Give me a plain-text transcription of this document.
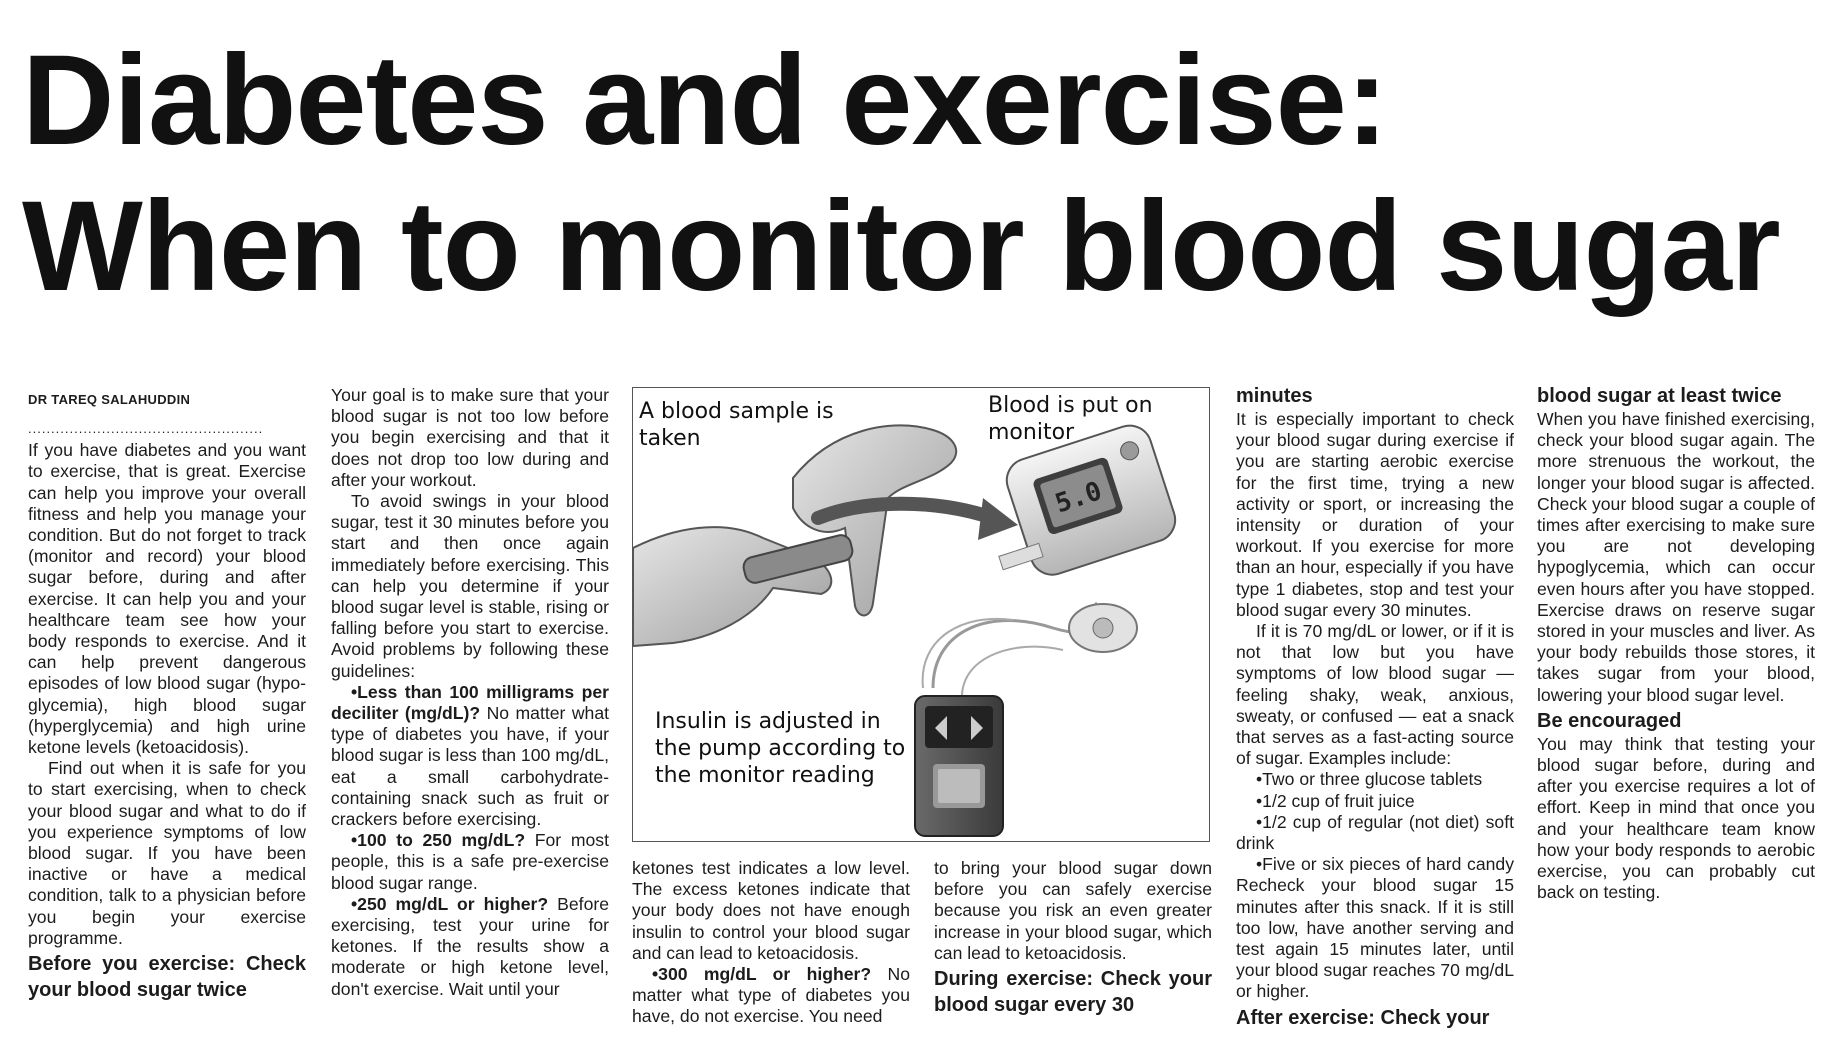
Diabetes and exercise:
When to monitor blood sugar
DR TAREQ SALAHUDDIN
...................................................

If you have diabetes and you want to exercise, that is great. Exercise can help you improve your overall fitness and help you manage your condition. But do not forget to track (monitor and record) your blood sugar before, during and after exercise. It can help you and your healthcare team see how your body responds to exercise. And it can help prevent dangerous episodes of low blood sugar (hypo-glycemia), high blood sugar (hyperglycemia) and high urine ketone levels (ketoacidosis).

Find out when it is safe for you to start exercising, when to check your blood sugar and what to do if you experience symptoms of low blood sugar. If you have been inactive or have a medical condition, talk to a physician before you begin your exercise programme.

Before you exercise: Check your blood sugar twice

Your goal is to make sure that your blood sugar is not too low before you begin exercising and that it does not drop too low during and after your workout.

To avoid swings in your blood sugar, test it 30 minutes before you start and then once again immediately before exercising. This can help you determine if your blood sugar level is stable, rising or falling before you start to exercise. Avoid problems by following these guidelines:

•Less than 100 milligrams per deciliter (mg/dL)? No matter what type of diabetes you have, if your blood sugar is less than 100 mg/dL, eat a small carbohydrate-containing snack such as fruit or crackers before exercising.

•100 to 250 mg/dL? For most people, this is a safe pre-exercise blood sugar range.

•250 mg/dL or higher? Before exercising, test your urine for ketones. If the results show a moderate or high ketone level, don't exercise. Wait until your

5.0
A blood sample is taken
Blood is put on monitor
Insulin is adjusted in the pump according to the monitor reading

ketones test indicates a low level. The excess ketones indicate that your body does not have enough insulin to control your blood sugar and can lead to ketoacidosis.

•300 mg/dL or higher? No matter what type of diabetes you have, do not exercise. You need

to bring your blood sugar down before you can safely exercise because you risk an even greater increase in your blood sugar, which can lead to ketoacidosis.

During exercise: Check your blood sugar every 30
minutes

It is especially important to check your blood sugar during exercise if you are starting aerobic exercise for the first time, trying a new activity or sport, or increasing the intensity or duration of your workout. If you exercise for more than an hour, especially if you have type 1 diabetes, stop and test your blood sugar every 30 minutes.

If it is 70 mg/dL or lower, or if it is not that low but you have symptoms of low blood sugar — feeling shaky, weak, anxious, sweaty, or confused — eat a snack that serves as a fast-acting source of sugar. Examples include:

•Two or three glucose tablets

•1/2 cup of fruit juice

•1/2 cup of regular (not diet) soft drink

•Five or six pieces of hard candy Recheck your blood sugar 15 minutes after this snack. If it is still too low, have another serving and test again 15 minutes later, until your blood sugar reaches 70 mg/dL or higher.

After exercise: Check your
blood sugar at least twice

When you have finished exercising, check your blood sugar again. The more strenuous the workout, the longer your blood sugar is affected. Check your blood sugar a couple of times after exercising to make sure you are not developing hypoglycemia, which can occur even hours after you have stopped. Exercise draws on reserve sugar stored in your muscles and liver. As your body rebuilds those stores, it takes sugar from your blood, lowering your blood sugar level.

Be encouraged

You may think that testing your blood sugar before, during and after you exercise requires a lot of effort. Keep in mind that once you and your healthcare team know how your body responds to aerobic exercise, you can probably cut back on testing.
